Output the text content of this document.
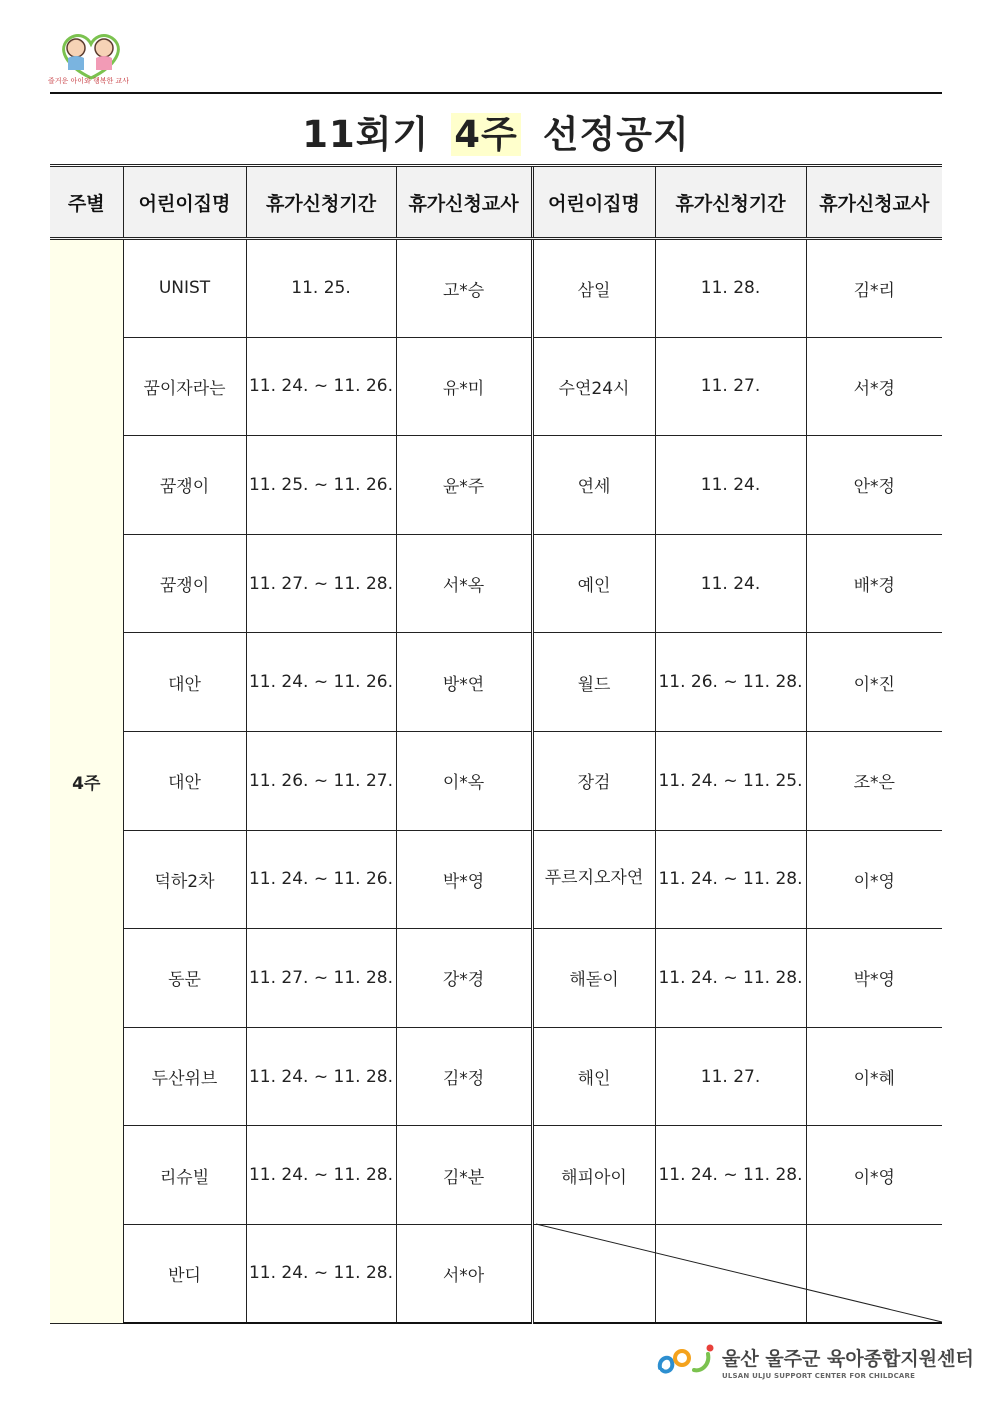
즐거운 아이와 행복한 교사
11회기 4주 선정공지
주별	어린이집명	휴가신청기간	휴가신청교사	어린이집명	휴가신청기간	휴가신청교사
4주	UNIST	11. 25.	고*승	삼일	11. 28.	김*리
	꿈이자라는	11. 24. ~ 11. 26.	유*미	수연24시	11. 27.	서*경
	꿈쟁이	11. 25. ~ 11. 26.	윤*주	연세	11. 24.	안*정
	꿈쟁이	11. 27. ~ 11. 28.	서*옥	예인	11. 24.	배*경
	대안	11. 24. ~ 11. 26.	방*연	월드	11. 26. ~ 11. 28.	이*진
	대안	11. 26. ~ 11. 27.	이*옥	장검	11. 24. ~ 11. 25.	조*은
	덕하2차	11. 24. ~ 11. 26.	박*영	푸르지오자연	11. 24. ~ 11. 28.	이*영
	동문	11. 27. ~ 11. 28.	강*경	해돋이	11. 24. ~ 11. 28.	박*영
	두산위브	11. 24. ~ 11. 28.	김*정	해인	11. 27.	이*혜
	리슈빌	11. 24. ~ 11. 28.	김*분	해피아이	11. 24. ~ 11. 28.	이*영
	반디	11. 24. ~ 11. 28.	서*아			
울산 울주군 육아종합지원센터
ULSAN ULJU SUPPORT CENTER FOR CHILDCARE
